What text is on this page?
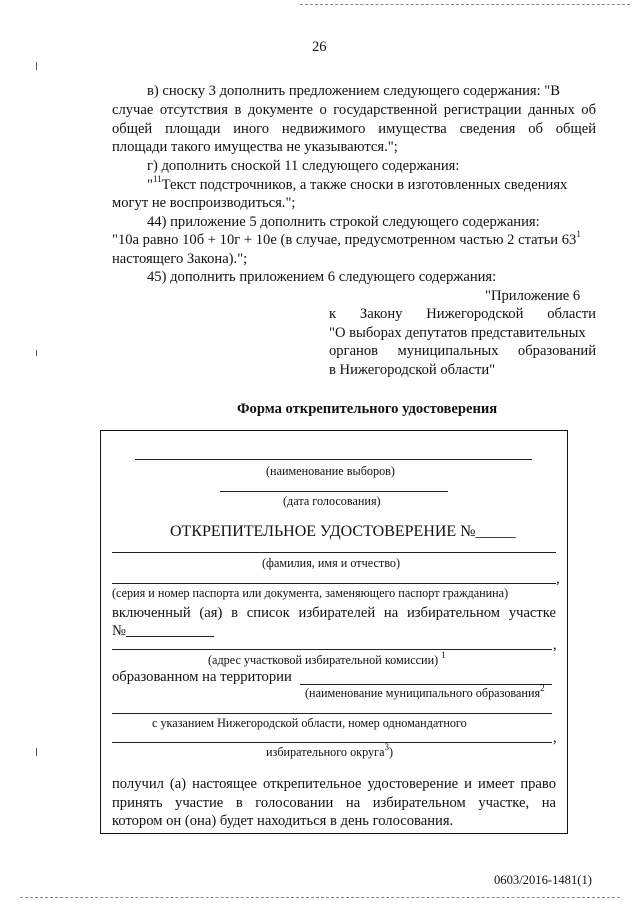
26
в) сноску 3 дополнить предложением следующего содержания: "В
случае отсутствия в документе о государственной регистрации данных об
общей площади иного недвижимого имущества сведения об общей
площади такого имущества не указываются.";
г) дополнить сноской 11 следующего содержания:
"$^{11}$Текст подстрочников, а также сноски в изготовленных сведениях
могут не воспроизводиться.";
44) приложение 5 дополнить строкой следующего содержания:
"10а равно 10б + 10г + 10е (в случае, предусмотренном частью 2 статьи $63^1$
настоящего Закона).";
45) дополнить приложением 6 следующего содержания:
"Приложение 6
к Закону Нижегородской области
"О выборах депутатов представительных
органов муниципальных образований
в Нижегородской области"
Форма открепительного удостоверения
(наименование выборов)
(дата голосования)
ОТКРЕПИТЕЛЬНОЕ УДОСТОВЕРЕНИЕ №_____
(фамилия, имя и отчество)
,
(серия и номер паспорта или документа, заменяющего паспорт гражданина)
включенный (ая) в список избирателей на избирательном участке
№
,
(адрес участковой избирательной комиссии) $^1$
образованном на территории
(наименование муниципального образования$^2$
с указанием Нижегородской области, номер одномандатного
,
избирательного округа$^3$)
получил (а) настоящее открепительное удостоверение и имеет право
принять участие в голосовании на избирательном участке, на
котором он (она) будет находиться в день голосования.
0603/2016-1481(1)
